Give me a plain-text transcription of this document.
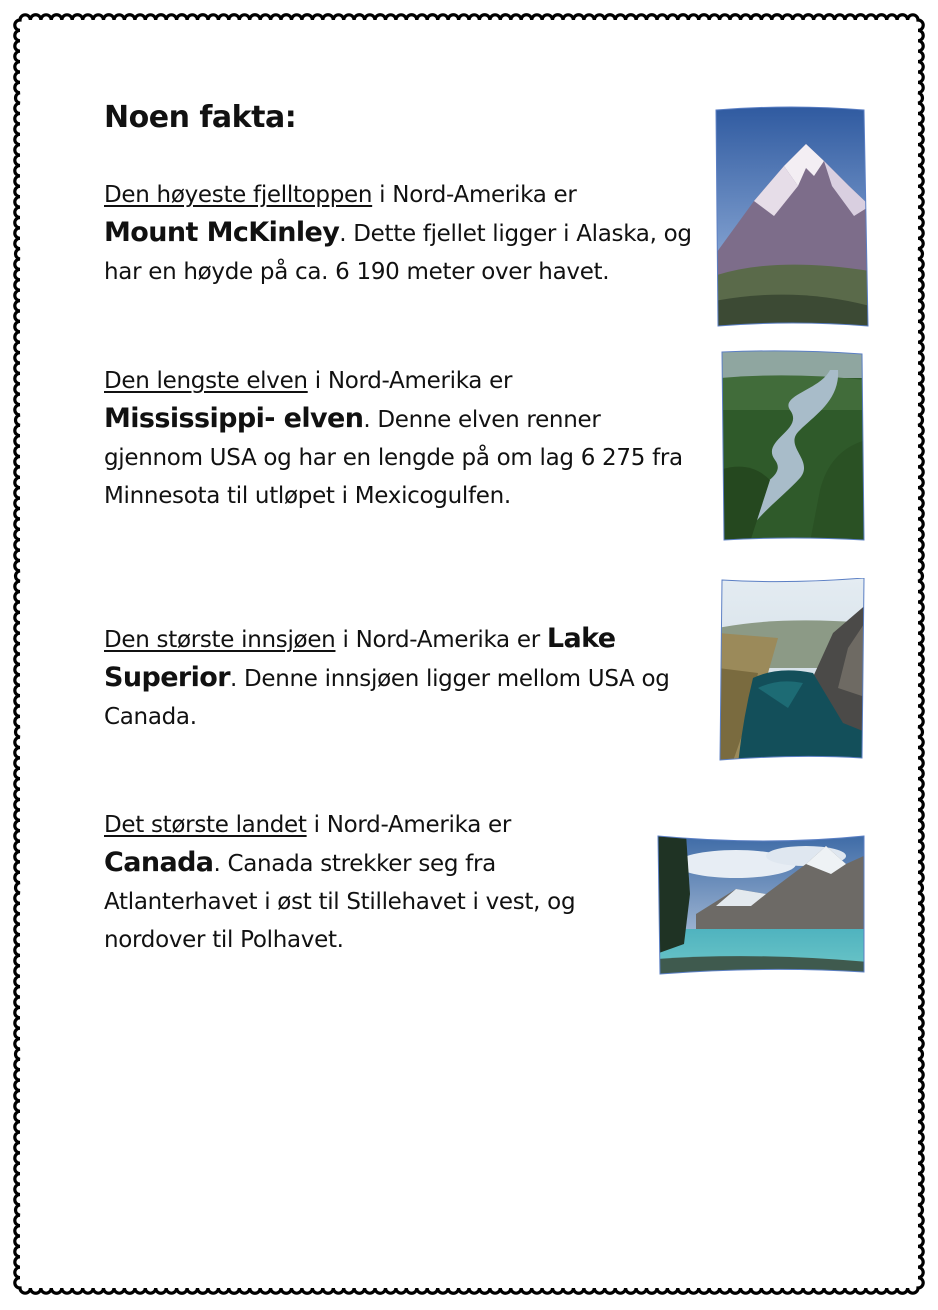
Noen fakta:

Den høyeste fjelltoppen i Nord-Amerika er
Mount McKinley. Dette fjellet ligger i Alaska, og har en høyde på ca. 6 190 meter over havet.

Den lengste elven i Nord-Amerika er
Mississippi- elven. Denne elven renner gjennom USA og har en lengde på om lag 6 275 fra Minnesota til utløpet i Mexicogulfen.

Den største innsjøen i Nord-Amerika er Lake Superior. Denne innsjøen ligger mellom USA og Canada.

Det største landet i Nord-Amerika er
Canada. Canada strekker seg fra Atlanterhavet i øst til Stillehavet i vest, og nordover til Polhavet.
